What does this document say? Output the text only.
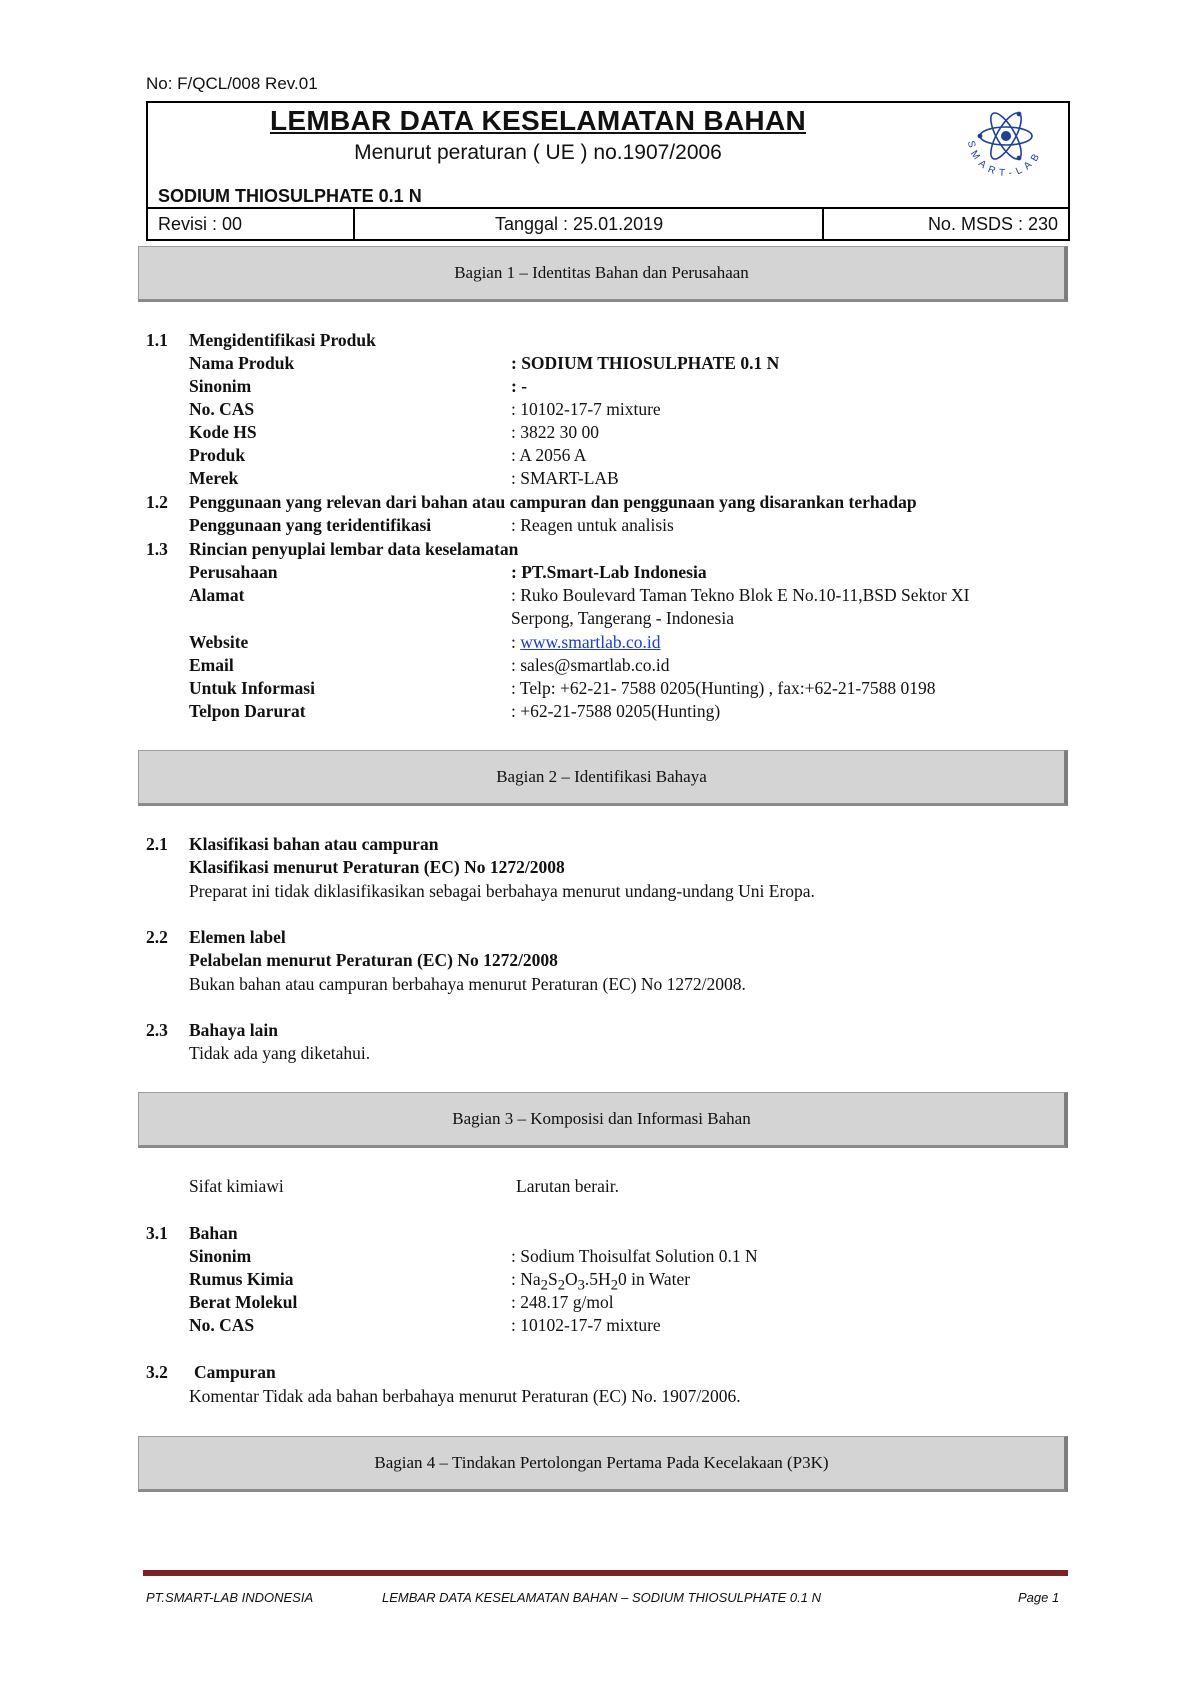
No: F/QCL/008 Rev.01
LEMBAR DATA KESELAMATAN BAHAN
Menurut peraturan ( UE ) no.1907/2006
SODIUM THIOSULPHATE 0.1 N
SMART-LAB
Revisi : 00	Tanggal : 25.01.2019	No. MSDS : 230
Bagian 1 – Identitas Bahan dan Perusahaan
1.1 Mengidentifikasi Produk
Nama Produk	: SODIUM THIOSULPHATE 0.1 N
Sinonim	: -
No. CAS	: 10102-17-7 mixture
Kode HS	: 3822 30 00
Produk	: A 2056 A
Merek	: SMART-LAB
1.2 Penggunaan yang relevan dari bahan atau campuran dan penggunaan yang disarankan terhadap
Penggunaan yang teridentifikasi	: Reagen untuk analisis
1.3 Rincian penyuplai lembar data keselamatan
Perusahaan	: PT.Smart-Lab Indonesia
Alamat	: Ruko Boulevard Taman Tekno Blok E No.10-11,BSD Sektor XI
Serpong, Tangerang - Indonesia
Website	: www.smartlab.co.id
Email	: sales@smartlab.co.id
Untuk Informasi	: Telp: +62-21- 7588 0205(Hunting) , fax:+62-21-7588 0198
Telpon Darurat	: +62-21-7588 0205(Hunting)
Bagian 2 – Identifikasi Bahaya
2.1 Klasifikasi bahan atau campuran
Klasifikasi menurut Peraturan (EC) No 1272/2008
Preparat ini tidak diklasifikasikan sebagai berbahaya menurut undang-undang Uni Eropa.
2.2 Elemen label
Pelabelan menurut Peraturan (EC) No 1272/2008
Bukan bahan atau campuran berbahaya menurut Peraturan (EC) No 1272/2008.
2.3 Bahaya lain
Tidak ada yang diketahui.
Bagian 3 – Komposisi dan Informasi Bahan
Sifat kimiawi	Larutan berair.
3.1 Bahan
Sinonim	: Sodium Thoisulfat Solution 0.1 N
Rumus Kimia	: $Na_2S_2O_3.5H_20$ in Water
Berat Molekul	: 248.17 g/mol
No. CAS	: 10102-17-7 mixture
3.2 Campuran
Komentar Tidak ada bahan berbahaya menurut Peraturan (EC) No. 1907/2006.
Bagian 4 – Tindakan Pertolongan Pertama Pada Kecelakaan (P3K)
PT.SMART-LAB INDONESIA	LEMBAR DATA KESELAMATAN BAHAN – SODIUM THIOSULPHATE 0.1 N	Page 1
